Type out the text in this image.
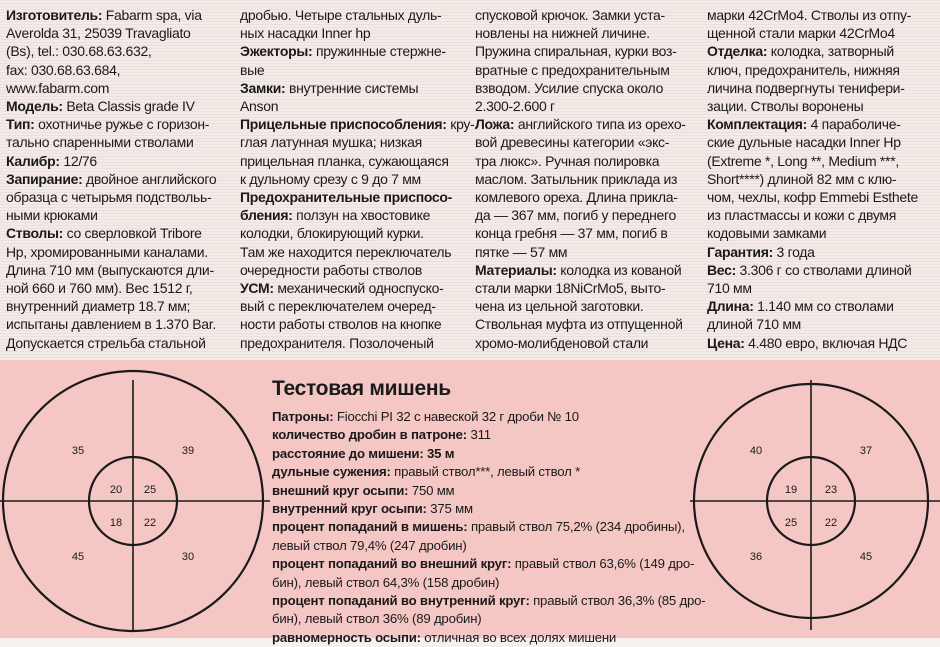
Изготовитель: Fabarm spa, via
Averolda 31, 25039 Travagliato
(Bs), tel.: 030.68.63.632,
fax: 030.68.63.684,
www.fabarm.com
Модель: Beta Classis grade IV
Тип: охотничье ружье с горизон-
тально спаренными стволами
Калибр: 12/76
Запирание: двойное английского
образца с четырьмя подствольь-
ными крюками
Стволы: со сверловкой Tribore
Hp, хромированными каналами.
Длина 710 мм (выпускаются дли-
ной 660 и 760 мм). Вес 1512 г,
внутренний диаметр 18.7 мм;
испытаны давлением в 1.370 Bar.
Допускается стрельба стальной
дробью. Четыре стальных дуль-
ных насадки Inner hp
Эжекторы: пружинные стержне-
вые
Замки: внутренние системы
Anson
Прицельные приспособления: кру-
глая латунная мушка; низкая
прицельная планка, сужающаяся
к дульному срезу с 9 до 7 мм
Предохранительные приспосо-
бления: ползун на хвостовике
колодки, блокирующий курки.
Там же находится переключатель
очередности работы стволов
УСМ: механический односпуско-
вый с переключателем очеред-
ности работы стволов на кнопке
предохранителя. Позолоченый
спусковой крючок. Замки уста-
новлены на нижней личине.
Пружина спиральная, курки воз-
вратные с предохранительным
взводом. Усилие спуска около
2.300-2.600 г
Ложа: английского типа из орехо-
вой древесины категории «экс-
тра люкс». Ручная полировка
маслом. Затыльник приклада из
комлевого ореха. Длина прикла-
да — 367 мм, погиб у переднего
конца гребня — 37 мм, погиб в
пятке — 57 мм
Материалы: колодка из кованой
стали марки 18NiCrMo5, выто-
чена из цельной заготовки.
Ствольная муфта из отпущенной
хромо-молибденовой стали
марки 42CrMo4. Стволы из отпу-
щенной стали марки 42CrMo4
Отделка: колодка, затворный
ключ, предохранитель, нижняя
личина подвергнуты тенифери-
зации. Стволы воронены
Комплектация: 4 параболиче-
ские дульные насадки Inner Hp
(Extreme *, Long **, Medium ***,
Short****) длиной 82 мм с клю-
чом, чехлы, кофр Emmebi Esthete
из пластмассы и кожи с двумя
кодовыми замками
Гарантия: 3 года
Вес: 3.306 г со стволами длиной
710 мм
Длина: 1.140 мм со стволами
длиной 710 мм
Цена: 4.480 евро, включая НДС
35	39
45	30
20 25
18 22
40	37
36	45
19	23
25	22
Тестовая мишень
Патроны: Fiocchi PI 32 с навеской 32 г дроби № 10
количество дробин в патроне: 311
расстояние до мишени: 35 м
дульные сужения: правый ствол***, левый ствол *
внешний круг осыпи: 750 мм
внутренний круг осыпи: 375 мм
процент попаданий в мишень: правый ствол 75,2% (234 дробины),
левый ствол 79,4% (247 дробин)
процент попаданий во внешний круг: правый ствол 63,6% (149 дро-
бин), левый ствол 64,3% (158 дробин)
процент попаданий во внутренний круг: правый ствол 36,3% (85 дро-
бин), левый ствол 36% (89 дробин)
равномерность осыпи: отличная во всех долях мишени
